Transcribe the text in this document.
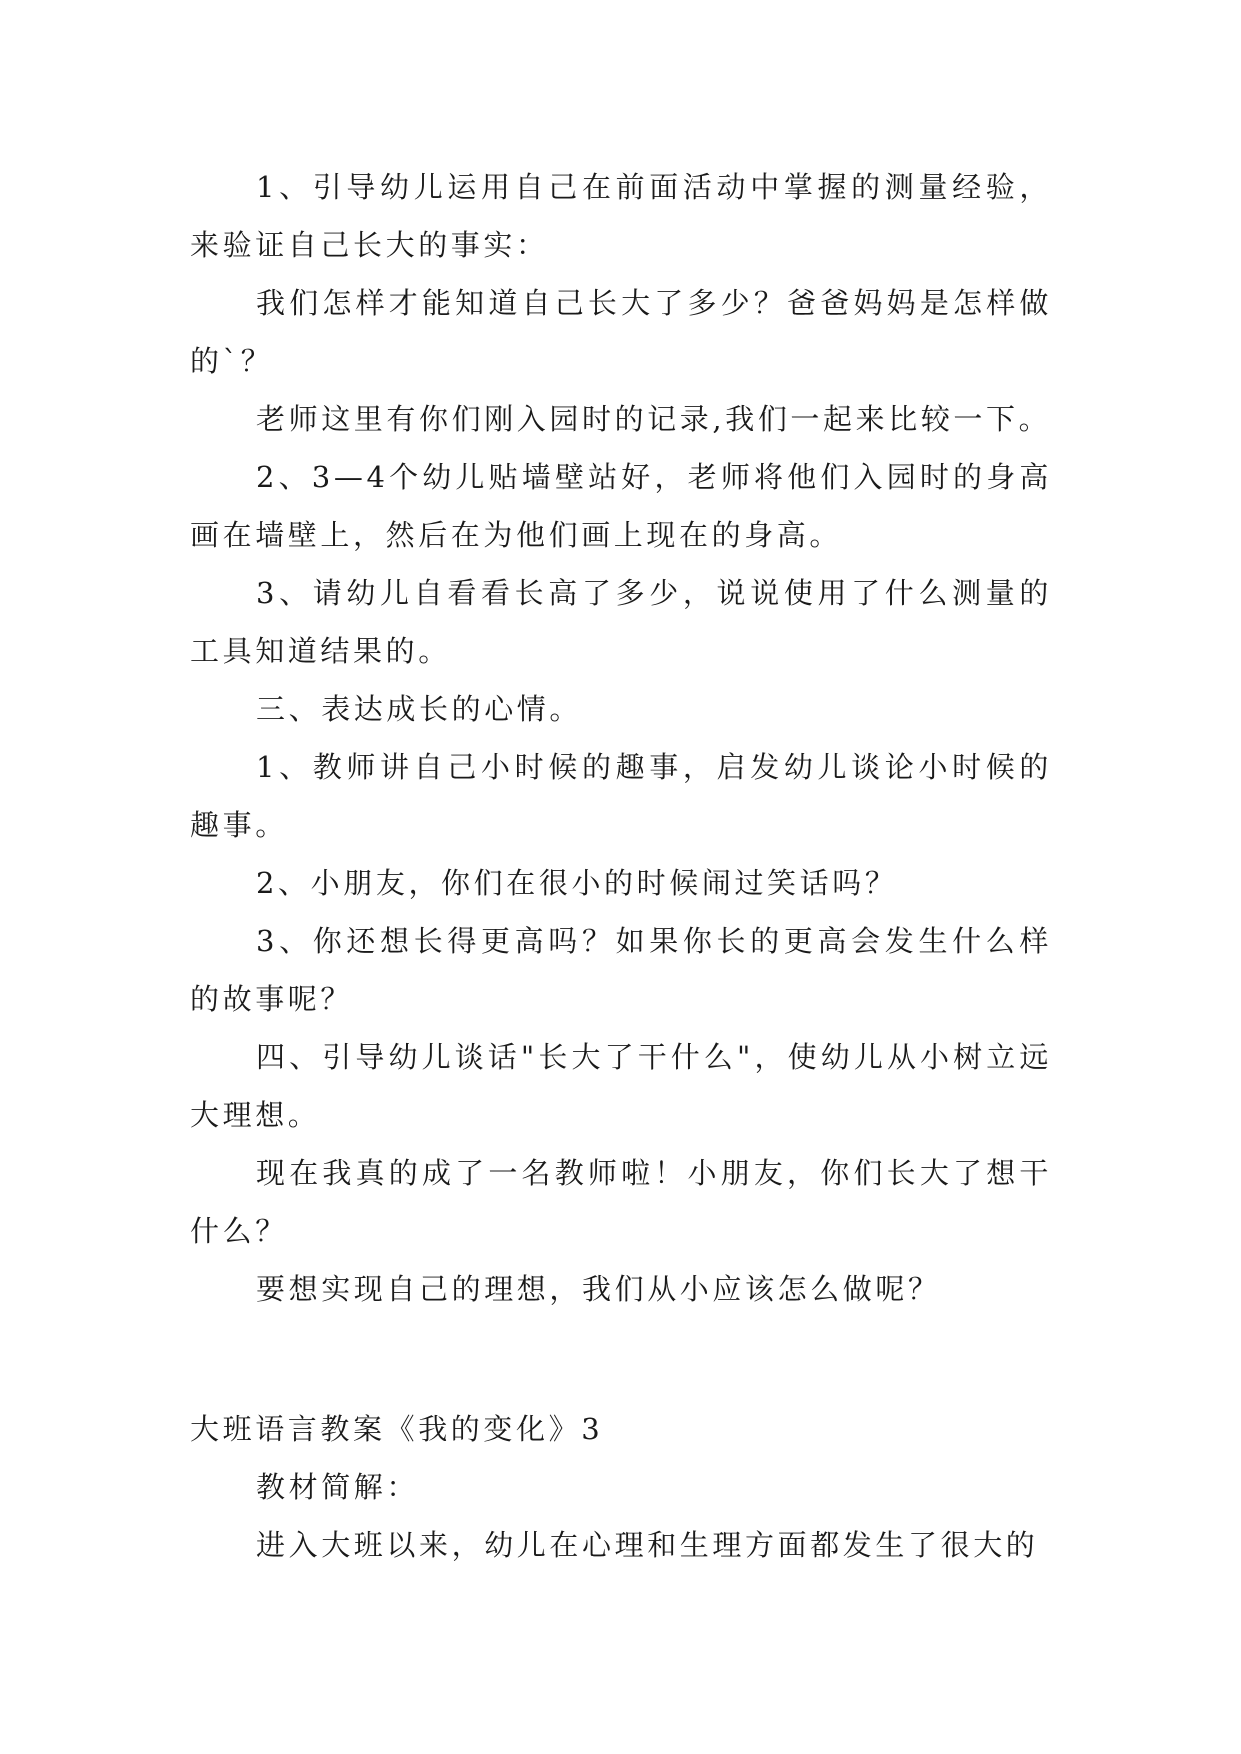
1、引导幼儿运用自己在前面活动中掌握的测量经验，来验证自己长大的事实：

我们怎样才能知道自己长大了多少？爸爸妈妈是怎样做的`？

老师这里有你们刚入园时的记录,我们一起来比较一下。

2、3—4个幼儿贴墙壁站好，老师将他们入园时的身高画在墙壁上，然后在为他们画上现在的身高。

3、请幼儿自看看长高了多少，说说使用了什么测量的工具知道结果的。

三、表达成长的心情。

1、教师讲自己小时候的趣事，启发幼儿谈论小时候的趣事。

2、小朋友，你们在很小的时候闹过笑话吗？

3、你还想长得更高吗？如果你长的更高会发生什么样的故事呢？

四、引导幼儿谈话"长大了干什么"，使幼儿从小树立远大理想。

现在我真的成了一名教师啦！小朋友，你们长大了想干什么？

要想实现自己的理想，我们从小应该怎么做呢？

大班语言教案《我的变化》3

教材简解：

进入大班以来，幼儿在心理和生理方面都发生了很大的
